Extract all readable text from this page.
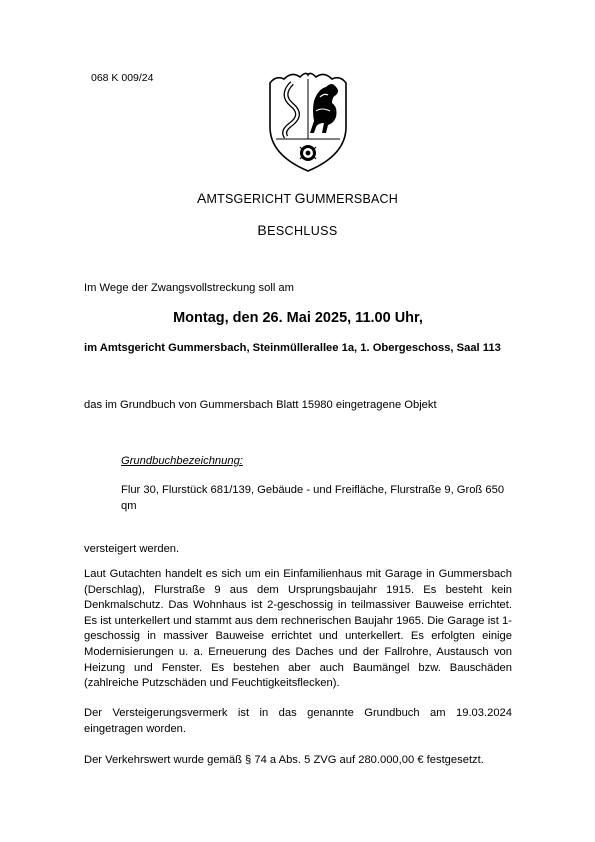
068 K 009/24
AMTSGERICHT GUMMERSBACH
BESCHLUSS
Im Wege der Zwangsvollstreckung soll am
Montag, den 26. Mai 2025, 11.00 Uhr,
im Amtsgericht Gummersbach, Steinmüllerallee 1a, 1. Obergeschoss, Saal 113
das im Grundbuch von Gummersbach Blatt 15980 eingetragene Objekt
Grundbuchbezeichnung:
Flur 30, Flurstück 681/139, Gebäude - und Freifläche, Flurstraße 9, Groß 650 qm
versteigert werden.
Laut Gutachten handelt es sich um ein Einfamilienhaus mit Garage in Gummersbach (Derschlag), Flurstraße 9 aus dem Ursprungsbaujahr 1915. Es besteht kein Denkmalschutz. Das Wohnhaus ist 2-geschossig in teilmassiver Bauweise errichtet. Es ist unterkellert und stammt aus dem rechnerischen Baujahr 1965. Die Garage ist 1-geschossig in massiver Bauweise errichtet und unterkellert. Es erfolgten einige Modernisierungen u. a. Erneuerung des Daches und der Fallrohre, Austausch von Heizung und Fenster. Es bestehen aber auch Baumängel bzw. Bauschäden (zahlreiche Putzschäden und Feuchtigkeitsflecken).
Der Versteigerungsvermerk ist in das genannte Grundbuch am 19.03.2024 eingetragen worden.
Der Verkehrswert wurde gemäß § 74 a Abs. 5 ZVG auf 280.000,00 € festgesetzt.
